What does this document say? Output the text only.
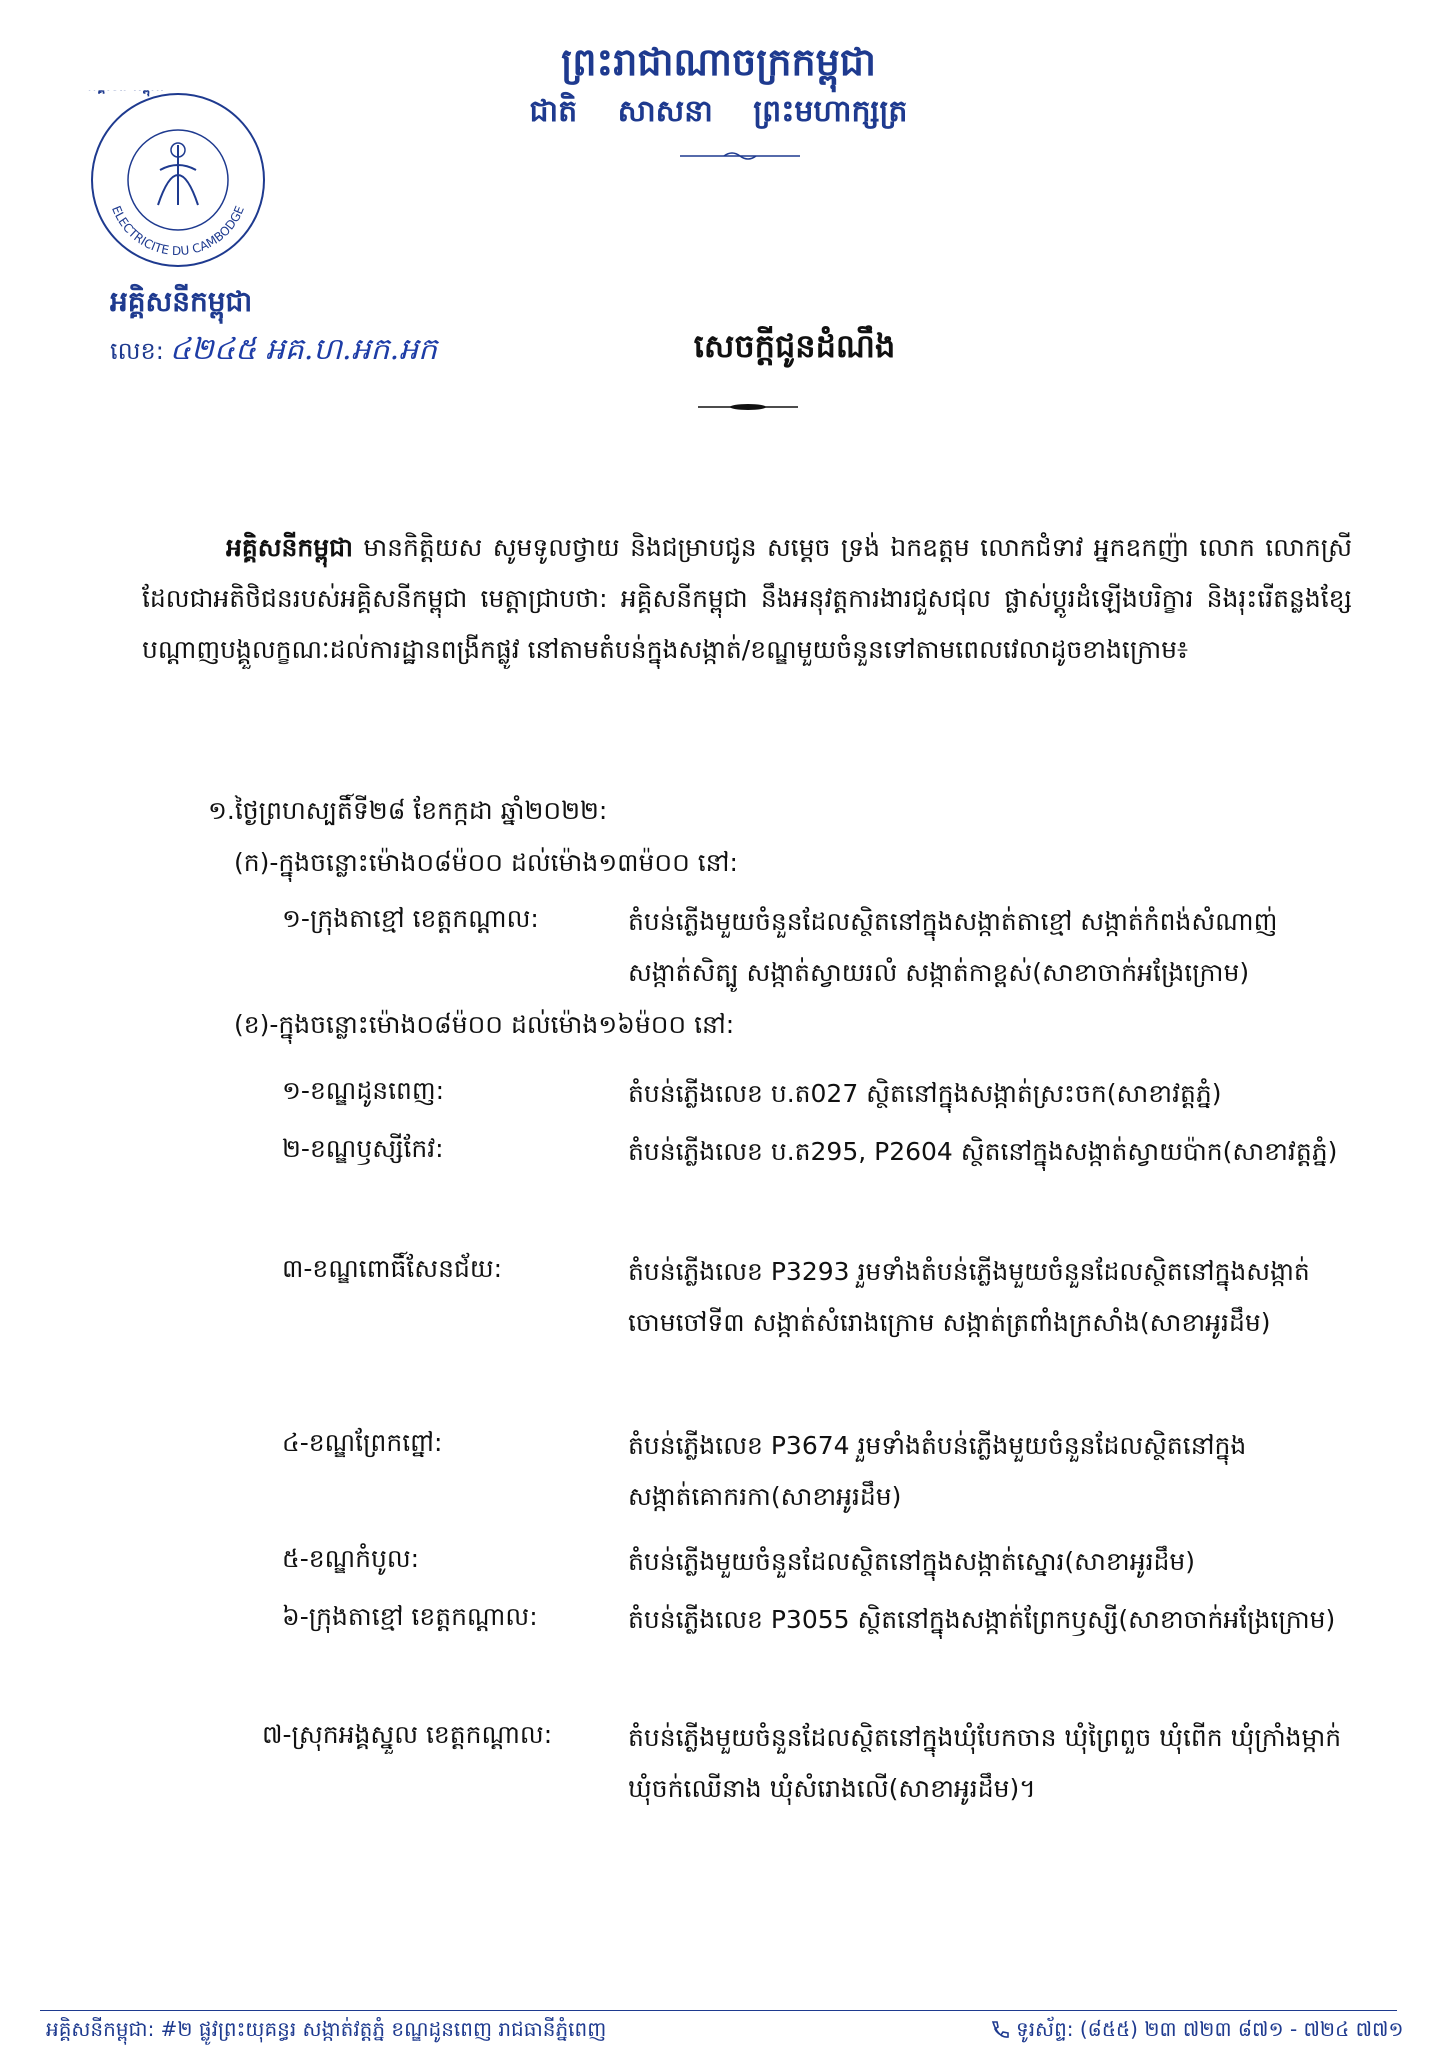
ព្រះរាជាណាចក្រកម្ពុជា
ជាតិ សាសនា ព្រះមហាក្សត្រ
ELECTRICITE DU CAMBODGE
អគ្គិសនីកម្ពុជា
លេខ: ៤២៤៥ អគ.ហ.អក.អក	សេចក្តីជូនដំណឹង
អគ្គិសនីកម្ពុជា មានកិត្តិយស សូមទូលថ្វាយ និងជម្រាបជូន សម្តេច ទ្រង់ ឯកឧត្តម លោកជំទាវ អ្នកឧកញ៉ា លោក លោកស្រី ដែលជាអតិថិជនរបស់អគ្គិសនីកម្ពុជា មេត្តាជ្រាបថា: អគ្គិសនីកម្ពុជា នឹងអនុវត្តការងារជួសជុល ផ្លាស់ប្តូរដំឡើងបរិក្ខារ និងរុះរើតន្លងខ្សែបណ្តាញបង្គួលក្ខណៈដល់ការដ្ឋានពង្រីកផ្លូវ នៅតាមតំបន់ក្នុងសង្កាត់/ខណ្ឌមួយចំនួនទៅតាមពេលវេលាដូចខាងក្រោម៖
១.ថ្ងៃព្រហស្បតិ៍ទី២៨ ខែកក្កដា ឆ្នាំ២០២២:
(ក)-ក្នុងចន្លោះម៉ោង០៨ម៉០០ ដល់ម៉ោង១៣ម៉០០ នៅ:
១-ក្រុងតាខ្មៅ ខេត្តកណ្តាល:	តំបន់ភ្លើងមួយចំនួនដែលស្ថិតនៅក្នុងសង្កាត់តាខ្មៅ សង្កាត់កំពង់សំណាញ់ សង្កាត់សិត្បូ សង្កាត់ស្វាយរលំ សង្កាត់កាខ្ពស់(សាខាចាក់អង្រែក្រោម)
(ខ)-ក្នុងចន្លោះម៉ោង០៨ម៉០០ ដល់ម៉ោង១៦ម៉០០ នៅ:
១-ខណ្ឌដូនពេញ:	តំបន់ភ្លើងលេខ ប.ត027 ស្ថិតនៅក្នុងសង្កាត់ស្រះចក(សាខាវត្តភ្នំ)
២-ខណ្ឌឫស្សីកែវ:	តំបន់ភ្លើងលេខ ប.ត295, P2604 ស្ថិតនៅក្នុងសង្កាត់ស្វាយប៉ាក(សាខាវត្តភ្នំ)
៣-ខណ្ឌពោធិ៍សែនជ័យ:	តំបន់ភ្លើងលេខ P3293 រួមទាំងតំបន់ភ្លើងមួយចំនួនដែលស្ថិតនៅក្នុងសង្កាត់ចោមចៅទី៣ សង្កាត់សំរោងក្រោម សង្កាត់ត្រពាំងក្រសាំង(សាខាអូរដឹម)
៤-ខណ្ឌព្រែកព្នៅ:	តំបន់ភ្លើងលេខ P3674 រួមទាំងតំបន់ភ្លើងមួយចំនួនដែលស្ថិតនៅក្នុងសង្កាត់គោករកា(សាខាអូរដឹម)
៥-ខណ្ឌកំបូល:	តំបន់ភ្លើងមួយចំនួនដែលស្ថិតនៅក្នុងសង្កាត់ស្នោរ(សាខាអូរដឹម)
៦-ក្រុងតាខ្មៅ ខេត្តកណ្តាល:	តំបន់ភ្លើងលេខ P3055 ស្ថិតនៅក្នុងសង្កាត់ព្រែកឫស្សី(សាខាចាក់អង្រែក្រោម)
៧-ស្រុកអង្គស្នួល ខេត្តកណ្តាល:	តំបន់ភ្លើងមួយចំនួនដែលស្ថិតនៅក្នុងឃុំបែកចាន ឃុំព្រៃពួច ឃុំពើក ឃុំក្រាំងម្កាក់ ឃុំចក់ឈើនាង ឃុំសំរោងលើ(សាខាអូរដឹម)។
អគ្គិសនីកម្ពុជា: #២ ផ្លូវព្រះយុគន្ធរ សង្កាត់វត្តភ្នំ ខណ្ឌដូនពេញ រាជធានីភ្នំពេញ	ទូរស័ព្ទ: (៨៥៥) ២៣ ៧២៣ ៨៧១ - ៧២៤ ៧៧១
